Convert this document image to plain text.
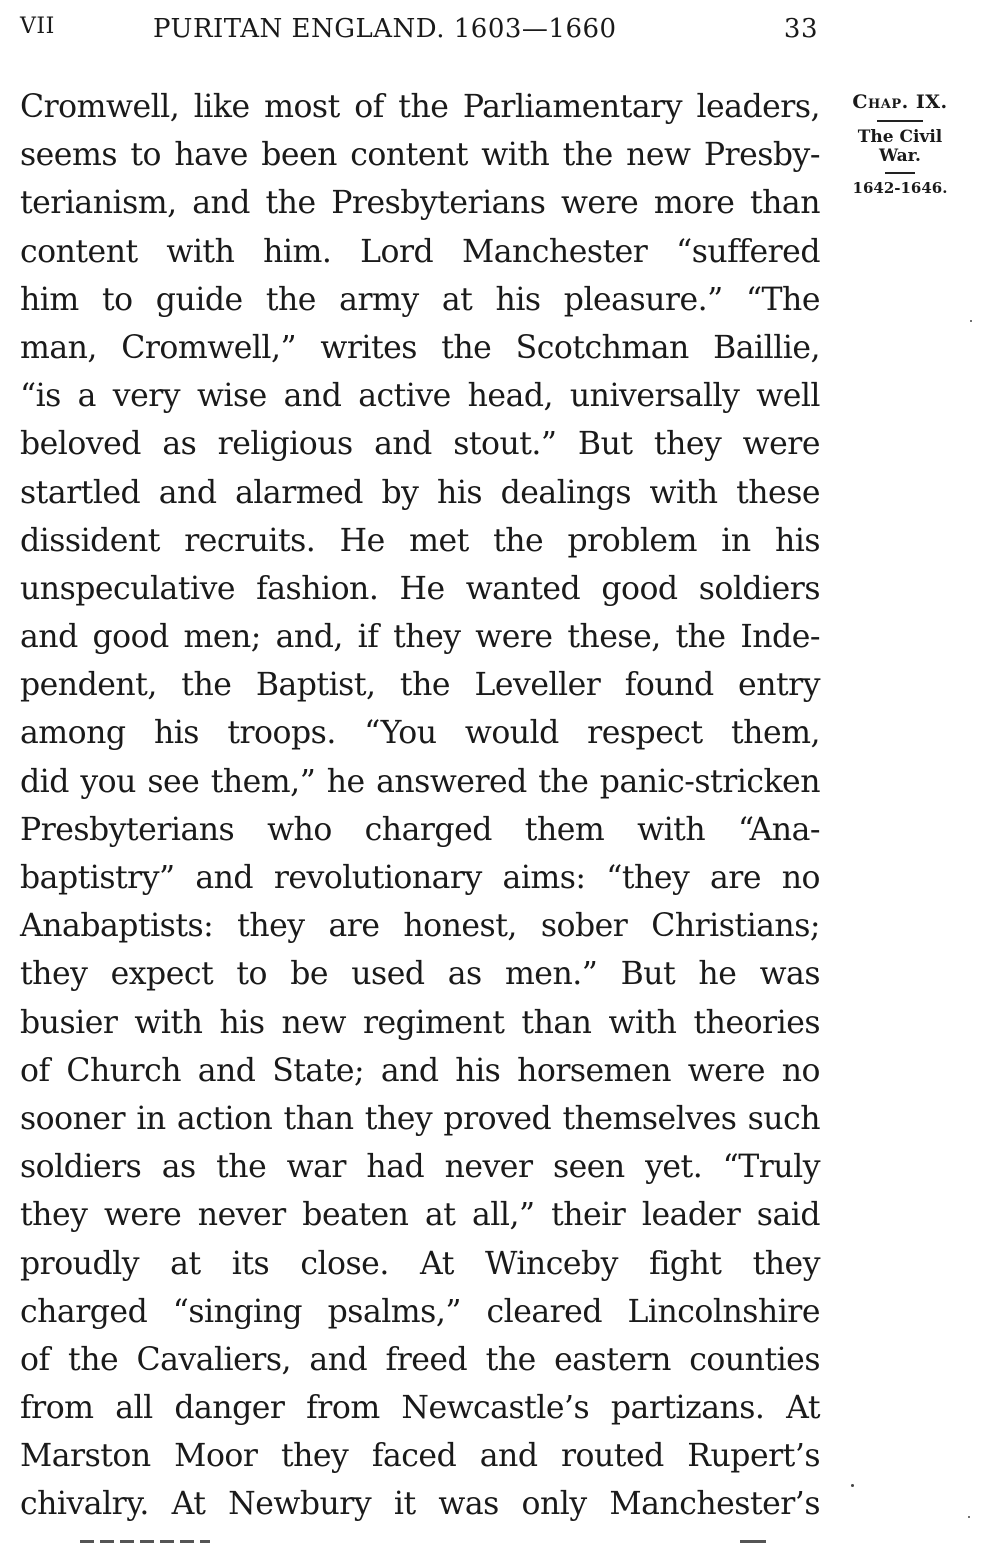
VII	PURITAN ENGLAND. 1603—1660	33
Cromwell, like most of the Parliamentary leaders,
seems to have been content with the new Presby-
terianism, and the Presbyterians were more than
content with him. Lord Manchester “suffered
him to guide the army at his pleasure.” “The
man, Cromwell,” writes the Scotchman Baillie,
“is a very wise and active head, universally well
beloved as religious and stout.” But they were
startled and alarmed by his dealings with these
dissident recruits. He met the problem in his
unspeculative fashion. He wanted good soldiers
and good men; and, if they were these, the Inde-
pendent, the Baptist, the Leveller found entry
among his troops. “You would respect them,
did you see them,” he answered the panic-stricken
Presbyterians who charged them with “Ana-
baptistry” and revolutionary aims: “they are no
Anabaptists: they are honest, sober Christians;
they expect to be used as men.” But he was
busier with his new regiment than with theories
of Church and State; and his horsemen were no
sooner in action than they proved themselves such
soldiers as the war had never seen yet. “Truly
they were never beaten at all,” their leader said
proudly at its close. At Winceby fight they
charged “singing psalms,” cleared Lincolnshire
of the Cavaliers, and freed the eastern counties
from all danger from Newcastle’s partizans. At
Marston Moor they faced and routed Rupert’s
chivalry. At Newbury it was only Manchester’s
Chap. IX.
The Civil
War.
1642-1646.
